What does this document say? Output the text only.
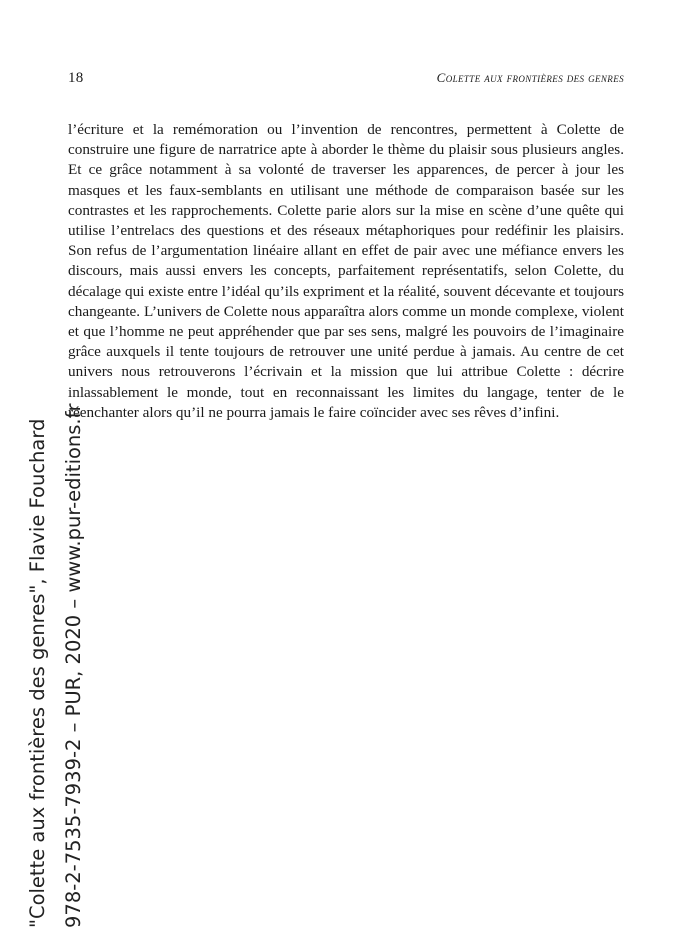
18	Colette aux frontières des genres

l’écriture et la remémoration ou l’invention de rencontres, permettent à Colette de construire une figure de narratrice apte à aborder le thème du plaisir sous plusieurs angles. Et ce grâce notamment à sa volonté de traverser les apparences, de percer à jour les masques et les faux-semblants en utilisant une méthode de comparaison basée sur les contrastes et les rapprochements. Colette parie alors sur la mise en scène d’une quête qui utilise l’entrelacs des questions et des réseaux métaphoriques pour redéfinir les plaisirs. Son refus de l’argumentation linéaire allant en effet de pair avec une méfiance envers les discours, mais aussi envers les concepts, parfaitement représentatifs, selon Colette, du décalage qui existe entre l’idéal qu’ils expriment et la réalité, souvent décevante et toujours changeante. L’univers de Colette nous apparaîtra alors comme un monde complexe, violent et que l’homme ne peut appréhender que par ses sens, malgré les pouvoirs de l’imaginaire grâce auxquels il tente toujours de retrouver une unité perdue à jamais. Au centre de cet univers nous retrouverons l’écrivain et la mission que lui attribue Colette : décrire inlassablement le monde, tout en reconnaissant les limites du langage, tenter de le réenchanter alors qu’il ne pourra jamais le faire coïncider avec ses rêves d’infini.

"Colette aux frontières des genres", Flavie Fouchard 978-2-7535-7939-2 – PUR, 2020 – www.pur-editions.fr
